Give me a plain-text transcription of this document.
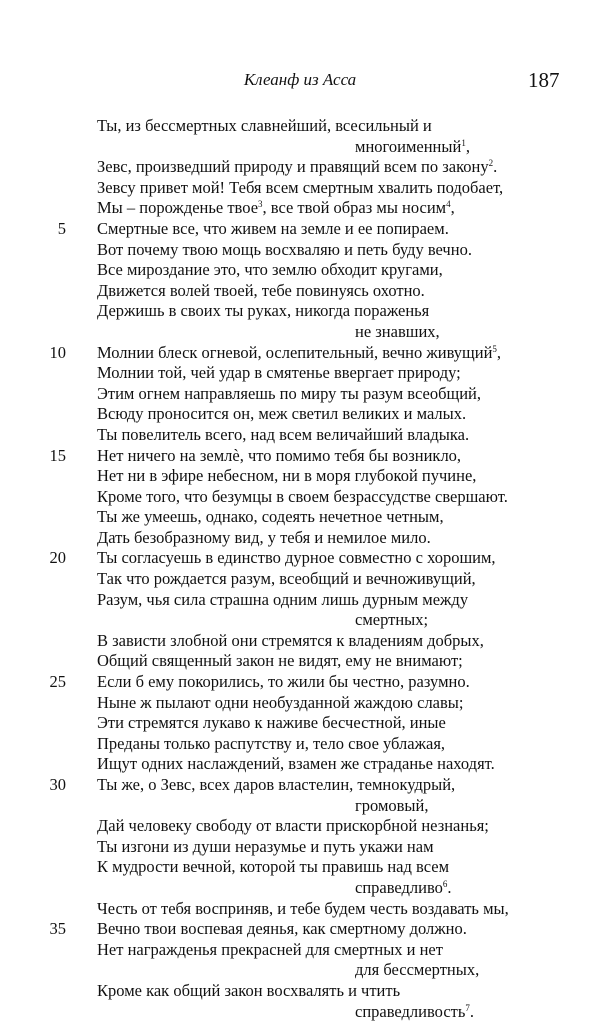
Клеанф из Асса	187
Ты, из бессмертных славнейший, всесильный и
многоименный$^1$,
Зевс, произведший природу и правящий всем по закону$^2$.
Зевсу привет мой! Тебя всем смертным хвалить подобает,
Мы – порожденье твое$^3$, все твой образ мы носим$^4$,
5 Смертные все, что живем на земле и ее попираем.
Вот почему твою мощь восхваляю и петь буду вечно.
Все мироздание это, что землю обходит кругами,
Движется волей твоей, тебе повинуясь охотно.
Держишь в своих ты руках, никогда пораженья
не знавших,
10 Молнии блеск огневой, ослепительный, вечно живущий$^5$,
Молнии той, чей удар в смятенье ввергает природу;
Этим огнем направляешь по миру ты разум всеобщий,
Всюду проносится он, меж светил великих и малых.
Ты повелитель всего, над всем величайший владыка.
15 Нет ничего на землѐ, что помимо тебя бы возникло,
Нет ни в эфире небесном, ни в моря глубокой пучине,
Кроме того, что безумцы в своем безрассудстве свершают.
Ты же умеешь, однако, содеять нечетное четным,
Дать безобразному вид, у тебя и немилое мило.
20 Ты согласуешь в единство дурное совместно с хорошим,
Так что рождается разум, всеобщий и вечноживущий,
Разум, чья сила страшна одним лишь дурным между
смертных;
В зависти злобной они стремятся к владениям добрых,
Общий священный закон не видят, ему не внимают;
25 Если б ему покорились, то жили бы честно, разумно.
Ныне ж пылают одни необузданной жаждою славы;
Эти стремятся лукаво к наживе бесчестной, иные
Преданы только распутству и, тело свое ублажая,
Ищут одних наслаждений, взамен же страданье находят.
30 Ты же, о Зевс, всех даров властелин, темнокудрый,
громовый,
Дай человеку свободу от власти прискорбной незнанья;
Ты изгони из души неразумье и путь укажи нам
К мудрости вечной, которой ты правишь над всем
справедливо$^6$.
Честь от тебя восприняв, и тебе будем честь воздавать мы,
35 Вечно твои воспевая деянья, как смертному должно.
Нет награжденья прекрасней для смертных и нет
для бессмертных,
Кроме как общий закон восхвалять и чтить
справедливость$^7$.
